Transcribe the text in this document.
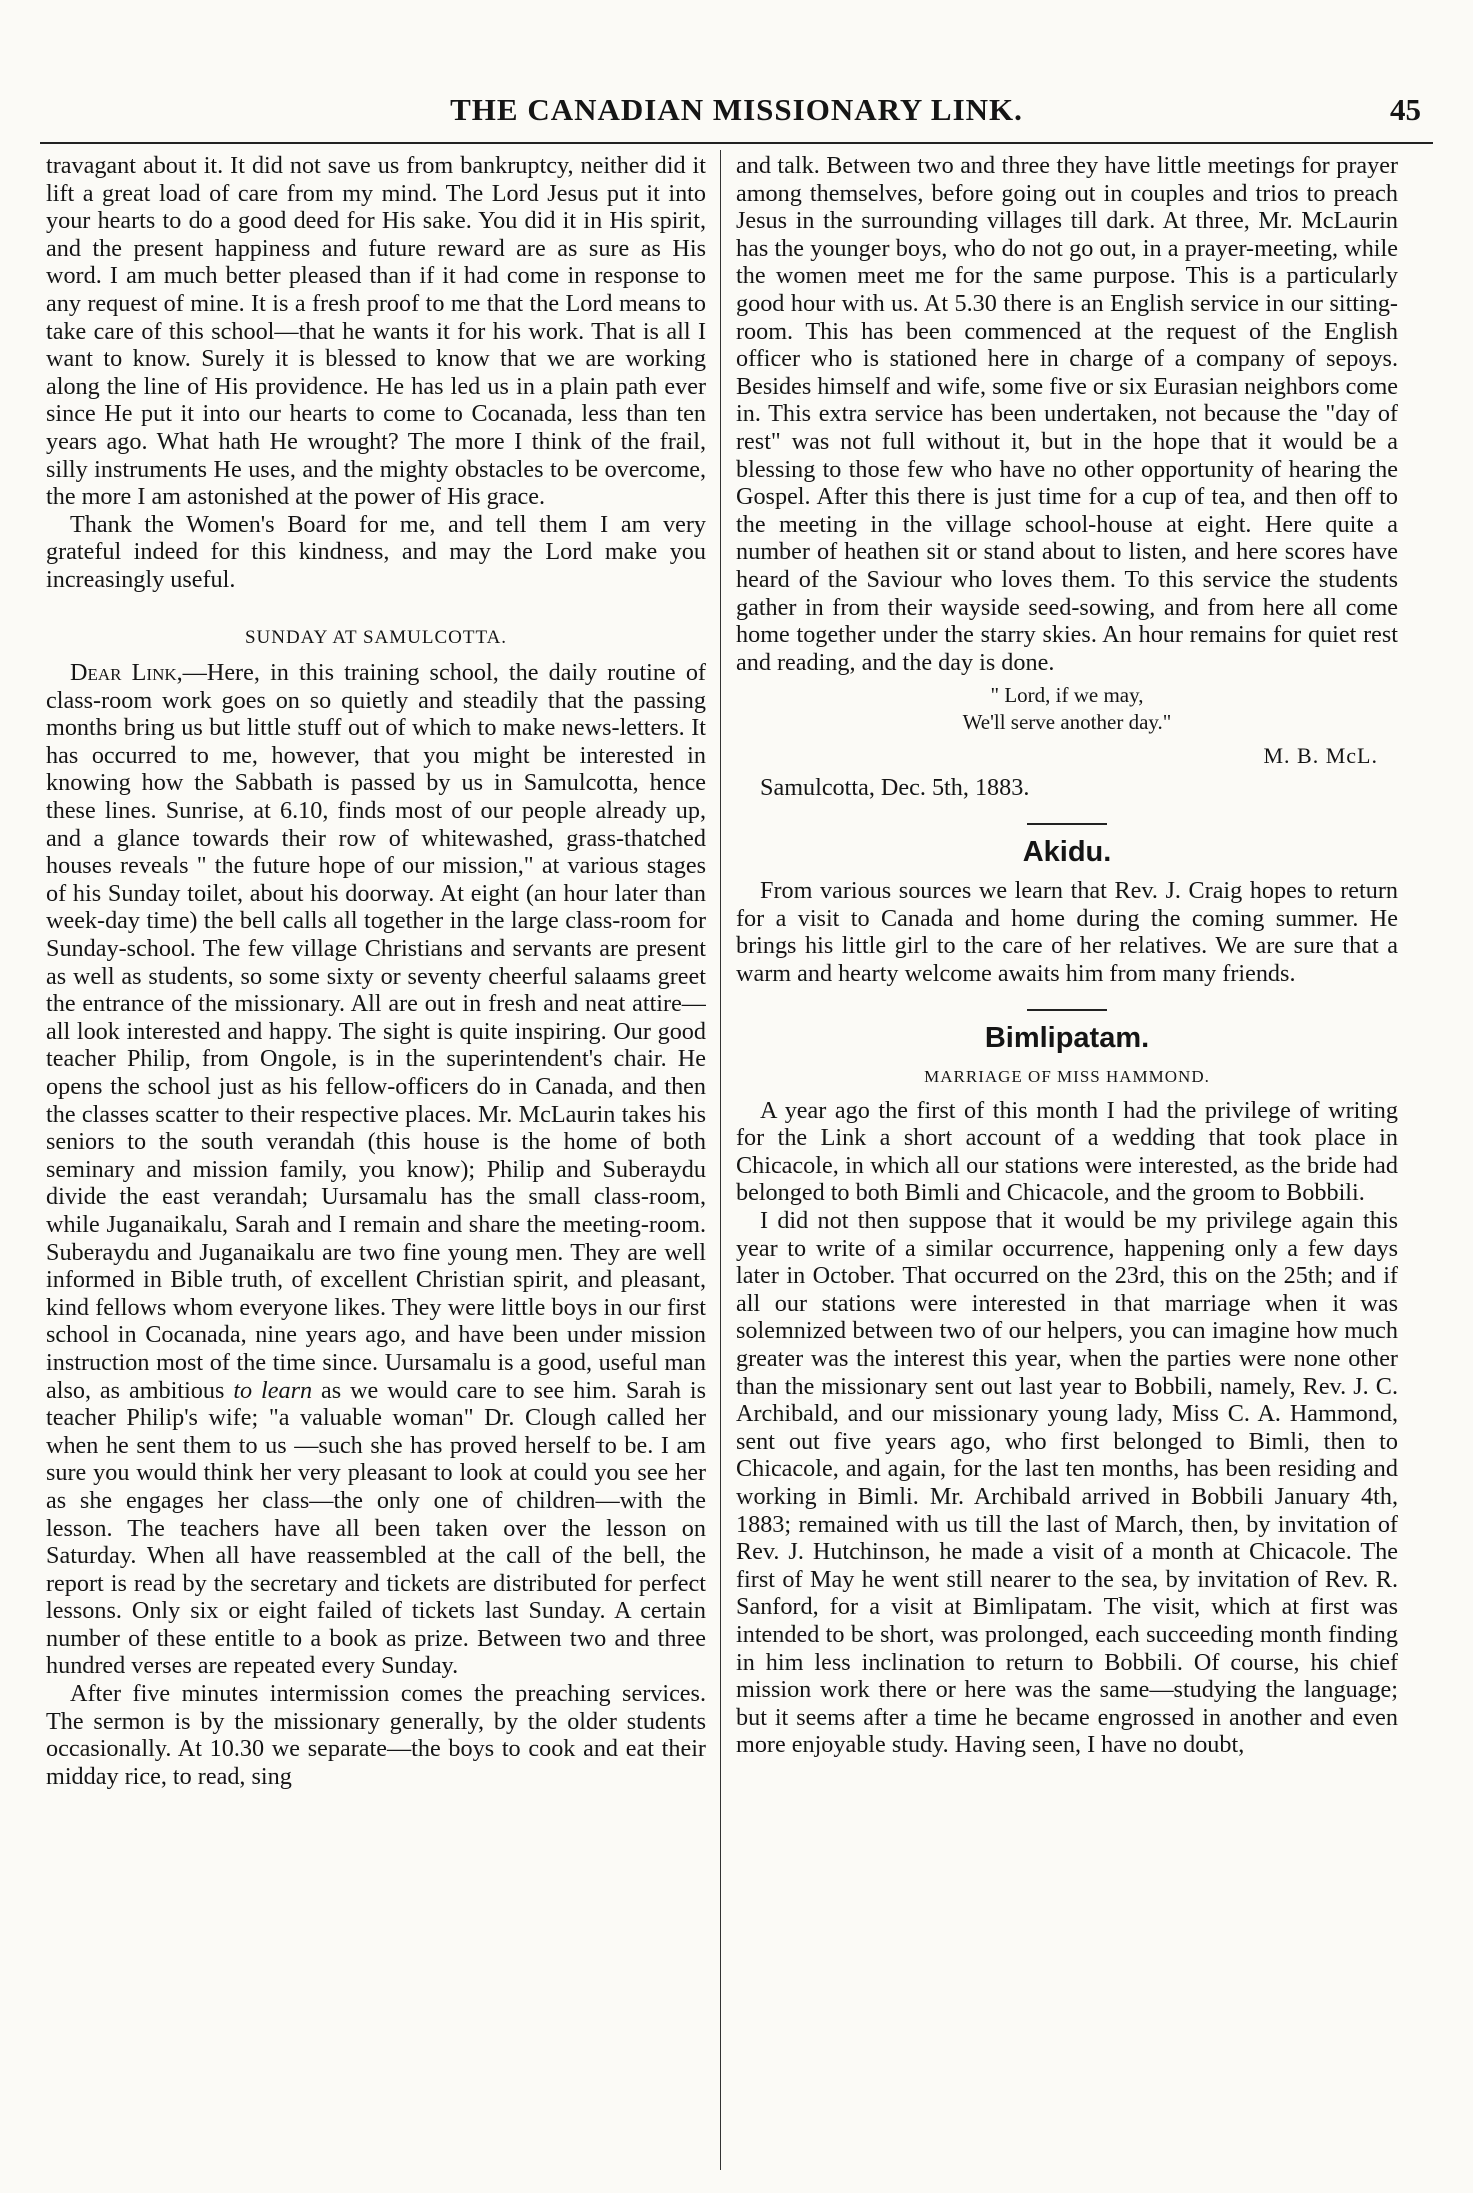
THE CANADIAN MISSIONARY LINK.	45

travagant about it. It did not save us from bankruptcy, neither did it lift a great load of care from my mind. The Lord Jesus put it into your hearts to do a good deed for His sake. You did it in His spirit, and the present happiness and future reward are as sure as His word. I am much better pleased than if it had come in response to any request of mine. It is a fresh proof to me that the Lord means to take care of this school—that he wants it for his work. That is all I want to know. Surely it is blessed to know that we are working along the line of His providence. He has led us in a plain path ever since He put it into our hearts to come to Cocanada, less than ten years ago. What hath He wrought? The more I think of the frail, silly instruments He uses, and the mighty obstacles to be overcome, the more I am astonished at the power of His grace.

Thank the Women's Board for me, and tell them I am very grateful indeed for this kindness, and may the Lord make you increasingly useful.

SUNDAY AT SAMULCOTTA.

Dear Link,—Here, in this training school, the daily routine of class-room work goes on so quietly and steadily that the passing months bring us but little stuff out of which to make news-letters. It has occurred to me, however, that you might be interested in knowing how the Sabbath is passed by us in Samulcotta, hence these lines. Sunrise, at 6.10, finds most of our people already up, and a glance towards their row of whitewashed, grass-thatched houses reveals " the future hope of our mission," at various stages of his Sunday toilet, about his doorway. At eight (an hour later than week-day time) the bell calls all together in the large class-room for Sunday-school. The few village Christians and servants are present as well as students, so some sixty or seventy cheerful salaams greet the entrance of the missionary. All are out in fresh and neat attire—all look interested and happy. The sight is quite inspiring. Our good teacher Philip, from Ongole, is in the superintendent's chair. He opens the school just as his fellow-officers do in Canada, and then the classes scatter to their respective places. Mr. McLaurin takes his seniors to the south verandah (this house is the home of both seminary and mission family, you know); Philip and Suberaydu divide the east verandah; Uursamalu has the small class-room, while Juganaikalu, Sarah and I remain and share the meeting-room. Suberaydu and Juganaikalu are two fine young men. They are well informed in Bible truth, of excellent Christian spirit, and pleasant, kind fellows whom everyone likes. They were little boys in our first school in Cocanada, nine years ago, and have been under mission instruction most of the time since. Uursamalu is a good, useful man also, as ambitious to learn as we would care to see him. Sarah is teacher Philip's wife; "a valuable woman" Dr. Clough called her when he sent them to us —such she has proved herself to be. I am sure you would think her very pleasant to look at could you see her as she engages her class—the only one of children—with the lesson. The teachers have all been taken over the lesson on Saturday. When all have reassembled at the call of the bell, the report is read by the secretary and tickets are distributed for perfect lessons. Only six or eight failed of tickets last Sunday. A certain number of these entitle to a book as prize. Between two and three hundred verses are repeated every Sunday.

After five minutes intermission comes the preaching services. The sermon is by the missionary generally, by the older students occasionally. At 10.30 we separate—the boys to cook and eat their midday rice, to read, sing

and talk. Between two and three they have little meetings for prayer among themselves, before going out in couples and trios to preach Jesus in the surrounding villages till dark. At three, Mr. McLaurin has the younger boys, who do not go out, in a prayer-meeting, while the women meet me for the same purpose. This is a particularly good hour with us. At 5.30 there is an English service in our sitting-room. This has been commenced at the request of the English officer who is stationed here in charge of a company of sepoys. Besides himself and wife, some five or six Eurasian neighbors come in. This extra service has been undertaken, not because the "day of rest" was not full without it, but in the hope that it would be a blessing to those few who have no other opportunity of hearing the Gospel. After this there is just time for a cup of tea, and then off to the meeting in the village school-house at eight. Here quite a number of heathen sit or stand about to listen, and here scores have heard of the Saviour who loves them. To this service the students gather in from their wayside seed-sowing, and from here all come home together under the starry skies. An hour remains for quiet rest and reading, and the day is done.

" Lord, if we may,
We'll serve another day."
M. B. McL.

Samulcotta, Dec. 5th, 1883.

Akidu.

From various sources we learn that Rev. J. Craig hopes to return for a visit to Canada and home during the coming summer. He brings his little girl to the care of her relatives. We are sure that a warm and hearty welcome awaits him from many friends.

Bimlipatam.
MARRIAGE OF MISS HAMMOND.

A year ago the first of this month I had the privilege of writing for the Link a short account of a wedding that took place in Chicacole, in which all our stations were interested, as the bride had belonged to both Bimli and Chicacole, and the groom to Bobbili.

I did not then suppose that it would be my privilege again this year to write of a similar occurrence, happening only a few days later in October. That occurred on the 23rd, this on the 25th; and if all our stations were interested in that marriage when it was solemnized between two of our helpers, you can imagine how much greater was the interest this year, when the parties were none other than the missionary sent out last year to Bobbili, namely, Rev. J. C. Archibald, and our missionary young lady, Miss C. A. Hammond, sent out five years ago, who first belonged to Bimli, then to Chicacole, and again, for the last ten months, has been residing and working in Bimli. Mr. Archibald arrived in Bobbili January 4th, 1883; remained with us till the last of March, then, by invitation of Rev. J. Hutchinson, he made a visit of a month at Chicacole. The first of May he went still nearer to the sea, by invitation of Rev. R. Sanford, for a visit at Bimlipatam. The visit, which at first was intended to be short, was prolonged, each succeeding month finding in him less inclination to return to Bobbili. Of course, his chief mission work there or here was the same—studying the language; but it seems after a time he became engrossed in another and even more enjoyable study. Having seen, I have no doubt,
